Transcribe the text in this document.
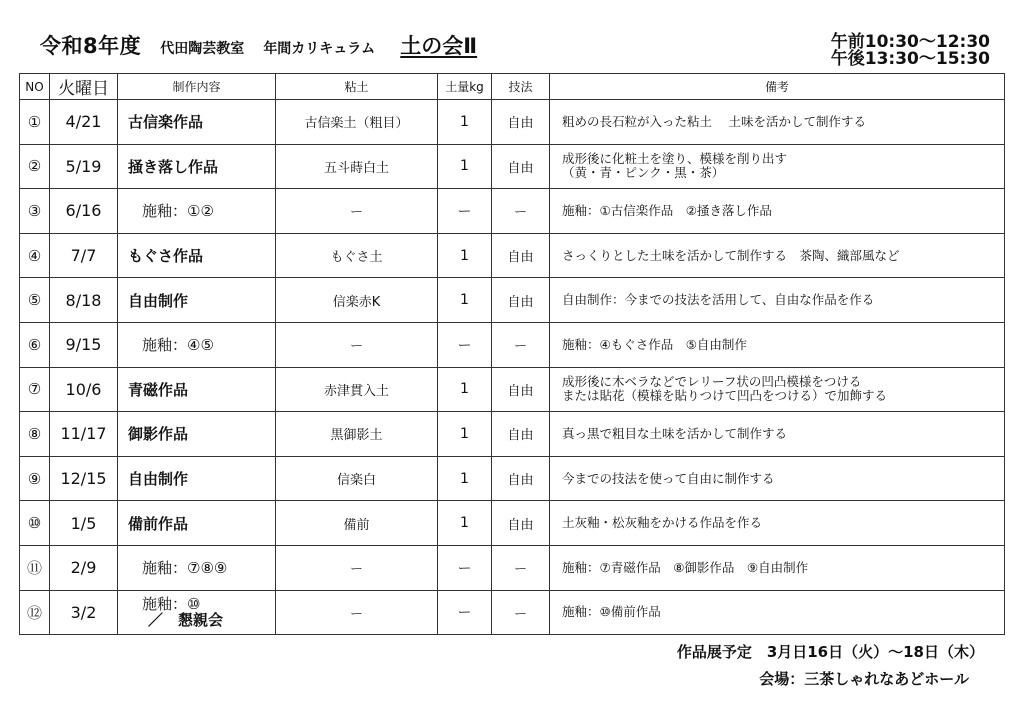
令和8年度 代田陶芸教室 年間カリキュラム 土の会Ⅱ	午前10:30～12:30
午後13:30～15:30
NO	火曜日	制作内容	粘土	土量kg	技法	備考
①	4/21	古信楽作品	古信楽土（粗目）	1	自由	粗めの長石粒が入った粘土　 土味を活かして制作する
②	5/19	掻き落し作品	五斗蒔白土	1	自由	成形後に化粧土を塗り、模様を削り出す
（黄・青・ピンク・黒・茶）

③	6/16	施釉：①②	ー	ー	ー	施釉：①古信楽作品　②掻き落し作品
④	7/7	もぐさ作品	もぐさ土	1	自由	さっくりとした土味を活かして制作する　茶陶、織部風など
⑤	8/18	自由制作	信楽赤K	1	自由	自由制作：今までの技法を活用して、自由な作品を作る
⑥	9/15	施釉：④⑤	ー	ー	ー	施釉：④もぐさ作品　⑤自由制作
⑦	10/6	青磁作品	赤津貫入土	1	自由	成形後に木ベラなどでレリーフ状の凹凸模様をつける
または貼花（模様を貼りつけて凹凸をつける）で加飾する

⑧	11/17	御影作品	黒御影土	1	自由	真っ黒で粗目な土味を活かして制作する
⑨	12/15	自由制作	信楽白	1	自由	今までの技法を使って自由に制作する
⑩	1/5	備前作品	備前	1	自由	土灰釉・松灰釉をかける作品を作る
⑪	2/9	施釉：⑦⑧⑨	ー	ー	ー	施釉：⑦青磁作品　⑧御影作品　⑨自由制作
⑫	3/2	施釉：⑩
／　懇親会	ー	ー	ー	施釉：⑩備前作品
作品展予定　3月日16日（火）～18日（木）
会場：三茶しゃれなあどホール
